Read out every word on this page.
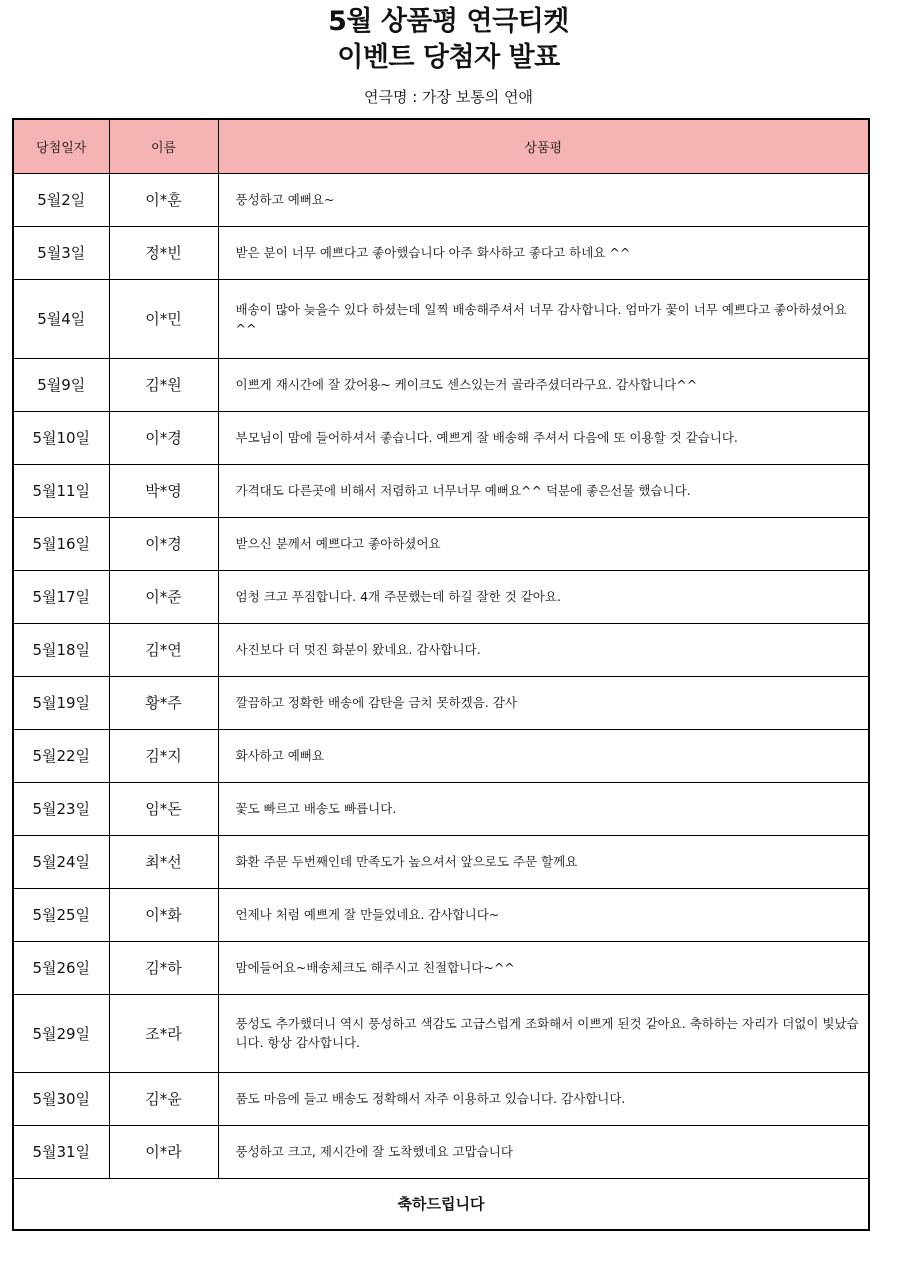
5월 상품평 연극티켓
이벤트 당첨자 발표
연극명 : 가장 보통의 연애
당첨일자	이름	상품평
5월2일	이*훈	풍성하고 예뻐요~
5월3일	정*빈	받은 분이 너무 예쁘다고 좋아했습니다 아주 화사하고 좋다고 하네요 ^^
5월4일	이*민	배송이 많아 늦을수 있다 하셨는데 일찍 배송해주셔서 너무 감사합니다. 엄마가 꽃이 너무 예쁘다고 좋아하셨어요^^
5월9일	김*원	이쁘게 재시간에 잘 갔어용~ 케이크도 센스있는거 골라주셨더라구요. 감사합니다^^
5월10일	이*경	부모님이 맘에 들어하셔서 좋습니다. 예쁘게 잘 배송해 주셔서 다음에 또 이용할 것 같습니다.
5월11일	박*영	가격대도 다른곳에 비해서 저렴하고 너무너무 예뻐요^^ 덕분에 좋은선물 했습니다.
5월16일	이*경	받으신 분께서 예쁘다고 좋아하셨어요
5월17일	이*준	엄청 크고 푸짐합니다. 4개 주문했는데 하길 잘한 것 같아요.
5월18일	김*연	사진보다 더 멋진 화분이 왔네요. 감사합니다.
5월19일	황*주	깔끔하고 정확한 배송에 감탄을 금치 못하겠음. 감사
5월22일	김*지	화사하고 예뻐요
5월23일	임*돈	꽃도 빠르고 배송도 빠릅니다.
5월24일	최*선	화환 주문 두번째인데 만족도가 높으셔서 앞으로도 주문 할께요
5월25일	이*화	언제나 처럼 예쁘게 잘 만들었네요. 감사합니다~
5월26일	김*하	맘에들어요~배송체크도 해주시고 친절합니다~^^
5월29일	조*라	풍성도 추가했더니 역시 풍성하고 색감도 고급스럽게 조화해서 이쁘게 된것 같아요. 축하하는 자리가 더없이 빛났습니다. 항상 감사합니다.
5월30일	김*윤	품도 마음에 들고 배송도 정확해서 자주 이용하고 있습니다. 감사합니다.
5월31일	이*라	풍성하고 크고, 제시간에 잘 도착했네요 고맙습니다
축하드립니다		
